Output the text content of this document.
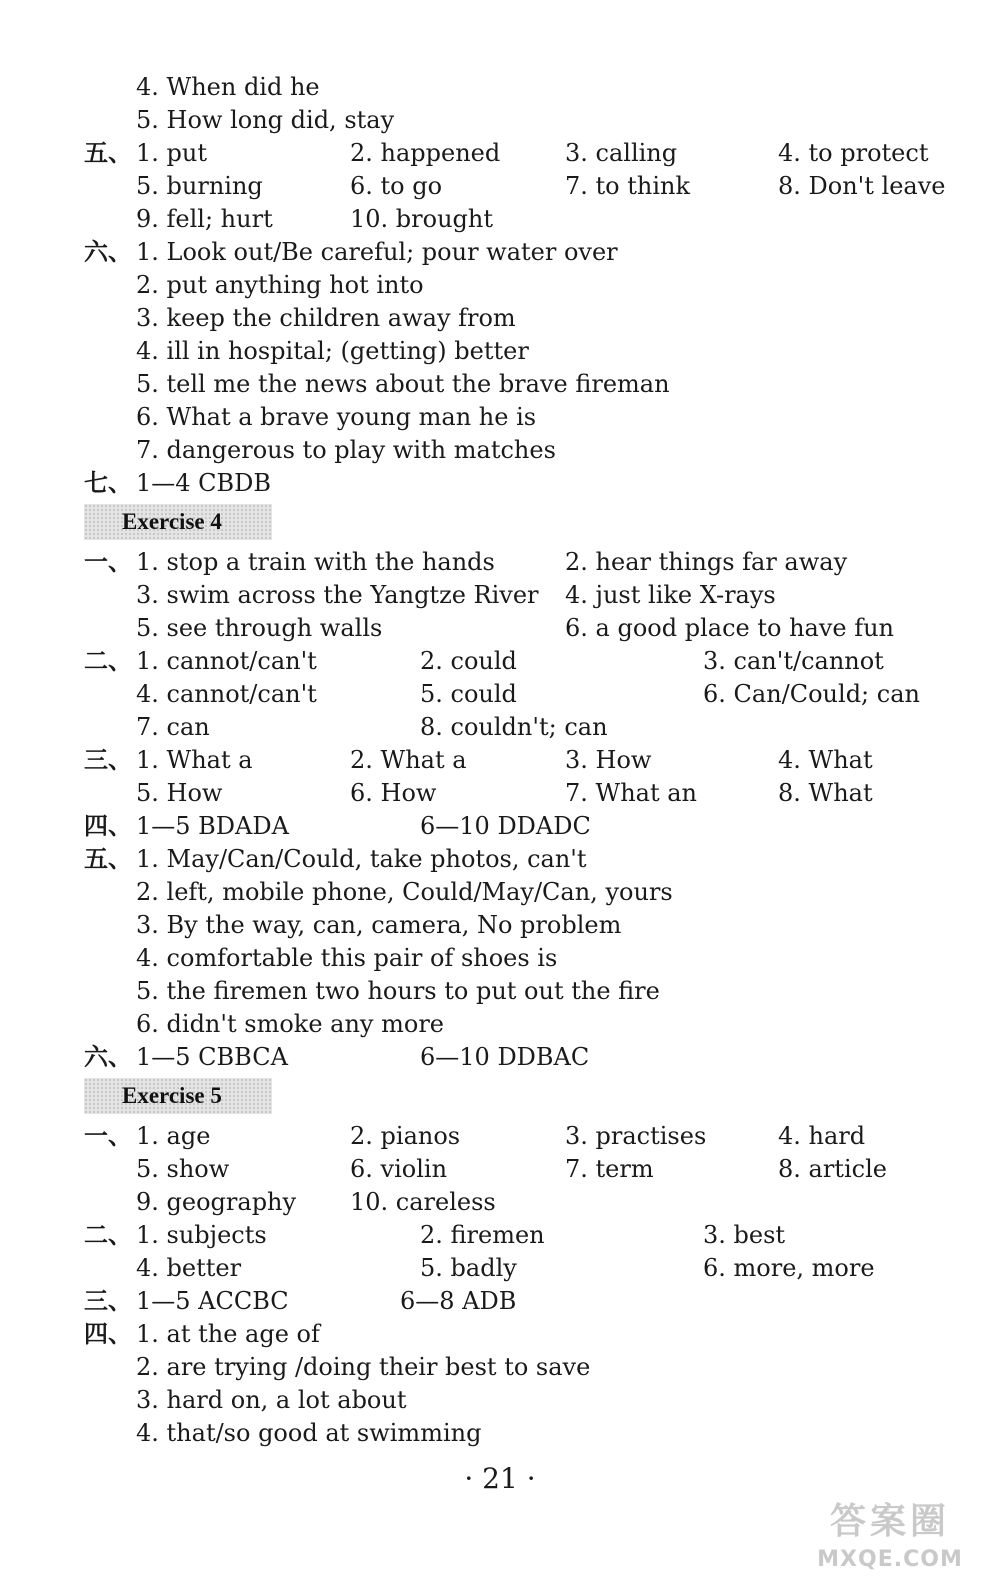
4. When did he
5. How long did, stay
五、 1. put	2. happened	3. calling	4. to protect
5. burning	6. to go	7. to think	8. Don't leave
9. fell; hurt	10. brought
六、 1. Look out/Be careful; pour water over
2. put anything hot into
3. keep the children away from
4. ill in hospital; (getting) better
5. tell me the news about the brave fireman
6. What a brave young man he is
7. dangerous to play with matches
七、 1—4 CBDB
Exercise 4
一、 1. stop a train with the hands	2. hear things far away
3. swim across the Yangtze River 4. just like X-rays
5. see through walls	6. a good place to have fun
二、 1. cannot/can't	2. could	3. can't/cannot
4. cannot/can't	5. could	6. Can/Could; can
7. can	8. couldn't; can
三、 1. What a	2. What a	3. How	4. What
5. How	6. How	7. What an	8. What
四、 1—5 BDADA	6—10 DDADC
五、 1. May/Can/Could, take photos, can't
2. left, mobile phone, Could/May/Can, yours
3. By the way, can, camera, No problem
4. comfortable this pair of shoes is
5. the firemen two hours to put out the fire
6. didn't smoke any more
六、 1—5 CBBCA	6—10 DDBAC
Exercise 5
一、 1. age	2. pianos	3. practises	4. hard
5. show	6. violin	7. term	8. article
9. geography 10. careless
二、 1. subjects	2. firemen	3. best
4. better	5. badly	6. more, more
三、 1—5 ACCBC	6—8 ADB
四、 1. at the age of
2. are trying /doing their best to save
3. hard on, a lot about
4. that/so good at swimming
· 21 ·
答案圈
MXQE.COM
